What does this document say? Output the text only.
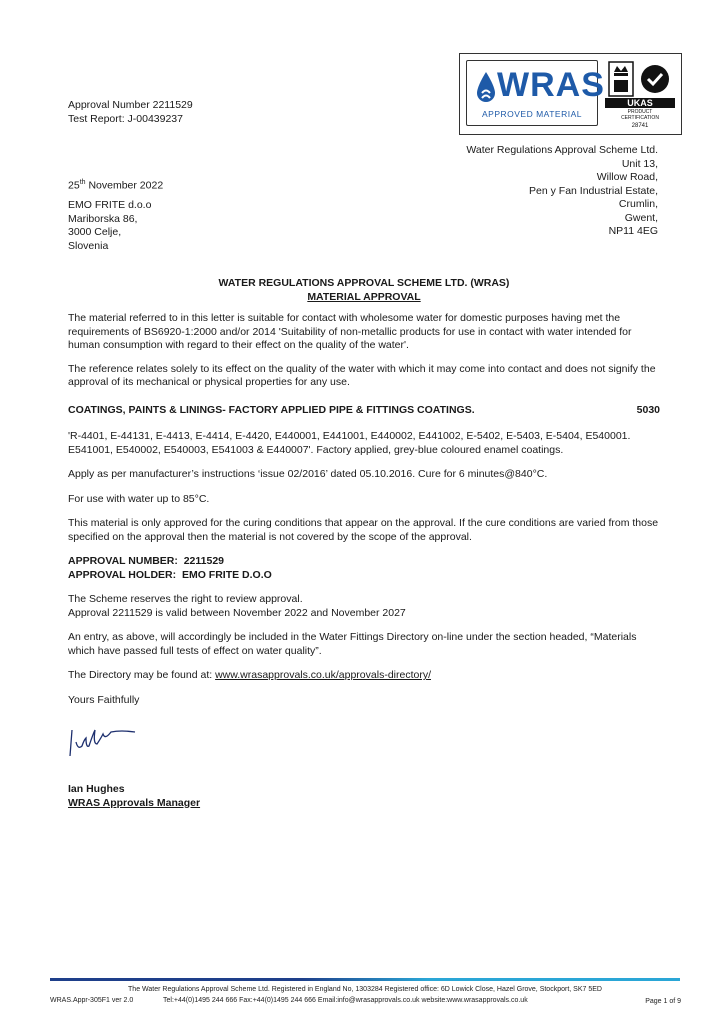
WRAS
APPROVED MATERIAL
UKAS
PRODUCT
CERTIFICATION
28741
Approval Number 2211529
Test Report: J-00439237
Water Regulations Approval Scheme Ltd.
Unit 13,
Willow Road,
Pen y Fan Industrial Estate,
Crumlin,
Gwent,
NP11 4EG
25th November 2022
EMO FRITE d.o.o
Mariborska 86,
3000 Celje,
Slovenia
WATER REGULATIONS APPROVAL SCHEME LTD. (WRAS)
MATERIAL APPROVAL

The material referred to in this letter is suitable for contact with wholesome water for domestic purposes having met the requirements of BS6920-1:2000 and/or 2014 'Suitability of non-metallic products for use in contact with water intended for human consumption with regard to their effect on the quality of the water'.

The reference relates solely to its effect on the quality of the water with which it may come into contact and does not signify the approval of its mechanical or physical properties for any use.

COATINGS, PAINTS & LININGS- FACTORY APPLIED PIPE & FITTINGS COATINGS.	5030

'R-4401, E-44131, E-4413, E-4414, E-4420, E440001, E441001, E440002, E441002, E-5402, E-5403, E-5404, E540001. E541001, E540002, E540003, E541003 & E440007'. Factory applied, grey-blue coloured enamel coatings.

Apply as per manufacturer’s instructions ‘issue 02/2016’ dated 05.10.2016. Cure for 6 minutes@840°C.

For use with water up to 85°C.

This material is only approved for the curing conditions that appear on the approval. If the cure conditions are varied from those specified on the approval then the material is not covered by the scope of the approval.

APPROVAL NUMBER: 2211529
APPROVAL HOLDER: EMO FRITE D.O.O
The Scheme reserves the right to review approval.
Approval 2211529 is valid between November 2022 and November 2027

An entry, as above, will accordingly be included in the Water Fittings Directory on-line under the section headed, “Materials which have passed full tests of effect on water quality”.

The Directory may be found at: www.wrasapprovals.co.uk/approvals-directory/

Yours Faithfully

Ian Hughes
WRAS Approvals Manager
The Water Regulations Approval Scheme Ltd. Registered in England No, 1303284 Registered office: 6D Lowick Close, Hazel Grove, Stockport, SK7 5ED
WRAS.Appr-305F1 ver 2.0	Tel:+44(0)1495 244 666 Fax:+44(0)1495 244 666 Email:info@wrasapprovals.co.uk website:www.wrasapprovals.co.uk	Page 1 of 9
